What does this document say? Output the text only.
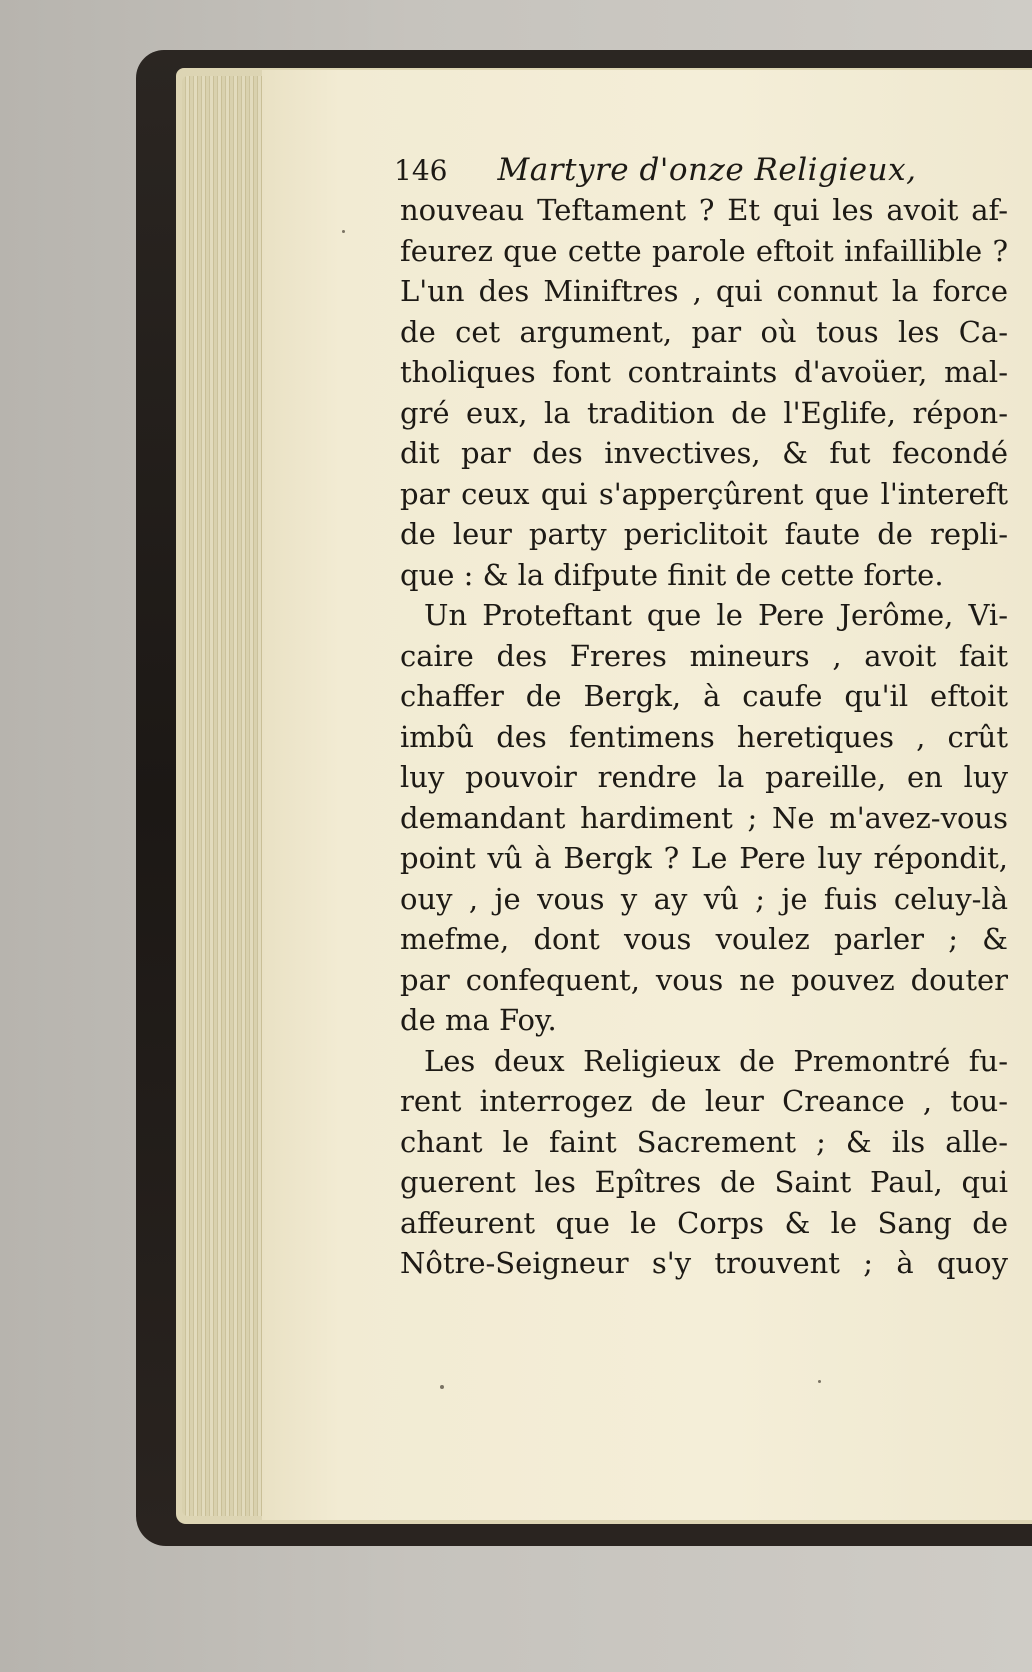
146 Martyre d'onze Religieux,
nouveau Teftament ? Et qui les avoit af-
feurez que cette parole eftoit infaillible ?
L'un des Miniftres , qui connut la force
de cet argument, par où tous les Ca-
tholiques font contraints d'avoüer, mal-
gré eux, la tradition de l'Eglife, répon-
dit par des invectives, & fut fecondé
par ceux qui s'apperçûrent que l'intereft
de leur party periclitoit faute de repli-
que : & la difpute finit de cette forte.
Un Proteftant que le Pere Jerôme, Vi-
caire des Freres mineurs , avoit fait
chaffer de Bergk, à caufe qu'il eftoit
imbû des fentimens heretiques , crût
luy pouvoir rendre la pareille, en luy
demandant hardiment ; Ne m'avez-vous
point vû à Bergk ? Le Pere luy répondit,
ouy , je vous y ay vû ; je fuis celuy-là
mefme, dont vous voulez parler ; &
par confequent, vous ne pouvez douter
de ma Foy.
Les deux Religieux de Premontré fu-
rent interrogez de leur Creance , tou-
chant le faint Sacrement ; & ils alle-
guerent les Epîtres de Saint Paul, qui
affeurent que le Corps & le Sang de
Nôtre-Seigneur s'y trouvent ; à quoy
